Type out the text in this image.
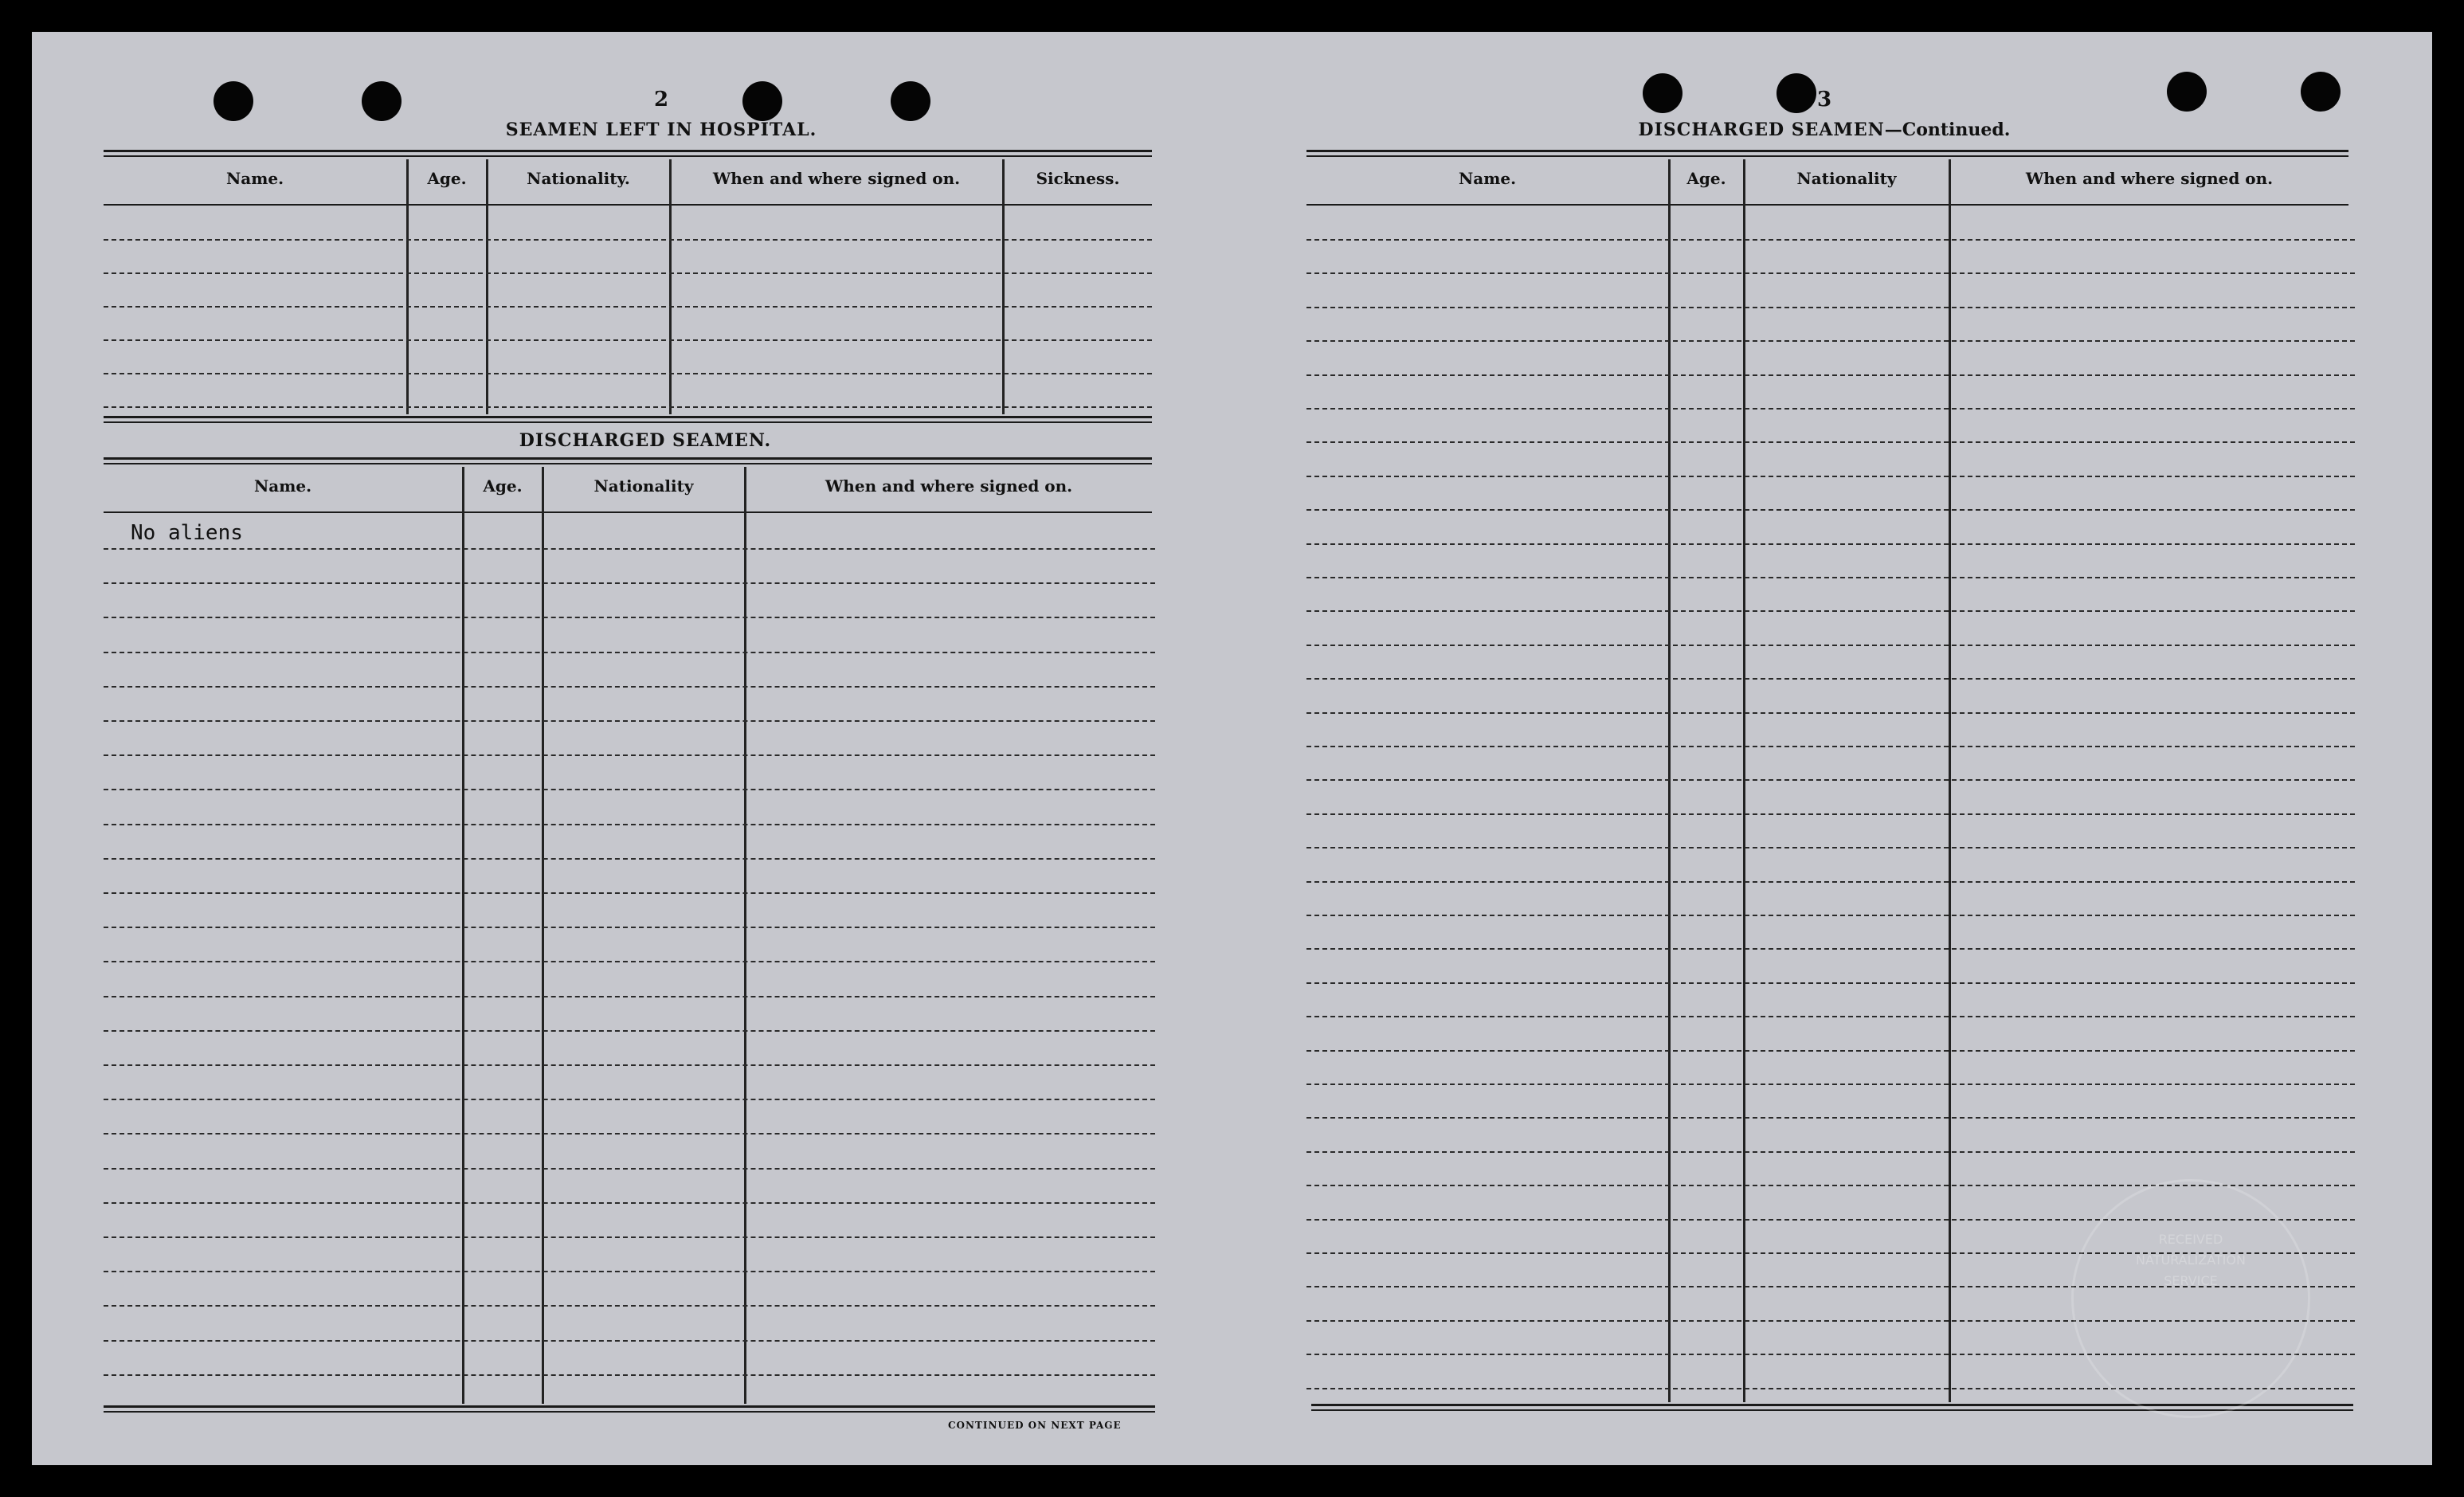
2
SEAMEN LEFT IN HOSPITAL.
Name.	Age.	Nationality.	When and where signed on.	Sickness.
DISCHARGED SEAMEN.
Name.	Age.	Nationality	When and where signed on.
No aliens
CONTINUED ON NEXT PAGE
3
DISCHARGED SEAMEN—Continued.
Name.	Age.	Nationality	When and where signed on.
RECEIVED
NATURALIZATION
SERVICE
